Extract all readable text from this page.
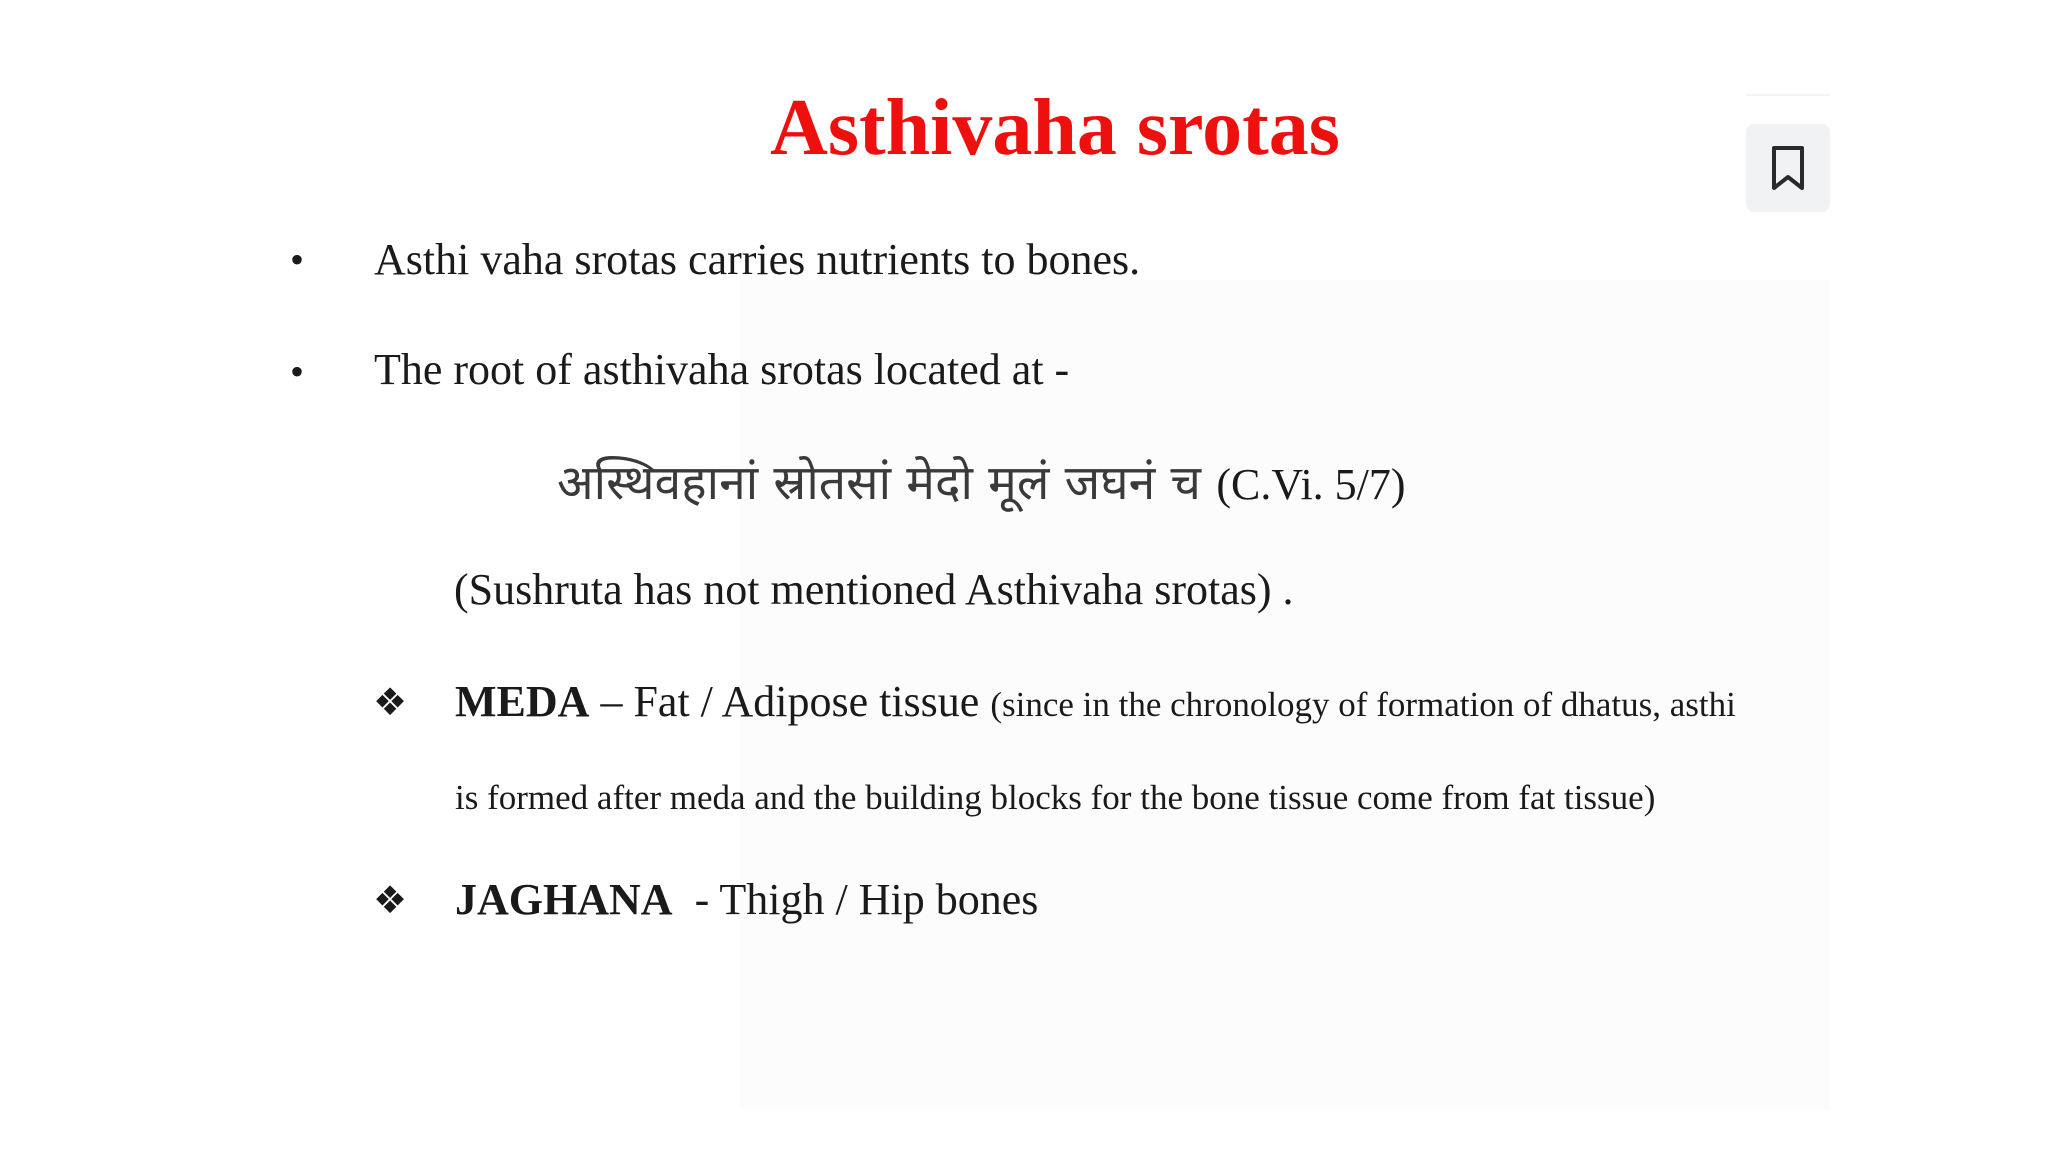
Asthivaha srotas
• Asthi vaha srotas carries nutrients to bones.
• The root of asthivaha srotas located at -
अस्थिवहानां स्रोतसां मेदो मूलं जघनं च (C.Vi. 5/7)
(Sushruta has not mentioned Asthivaha srotas) .
❖ MEDA – Fat / Adipose tissue (since in the chronology of formation of dhatus, asthi
is formed after meda and the building blocks for the bone tissue come from fat tissue)
❖ JAGHANA  - Thigh / Hip bones
